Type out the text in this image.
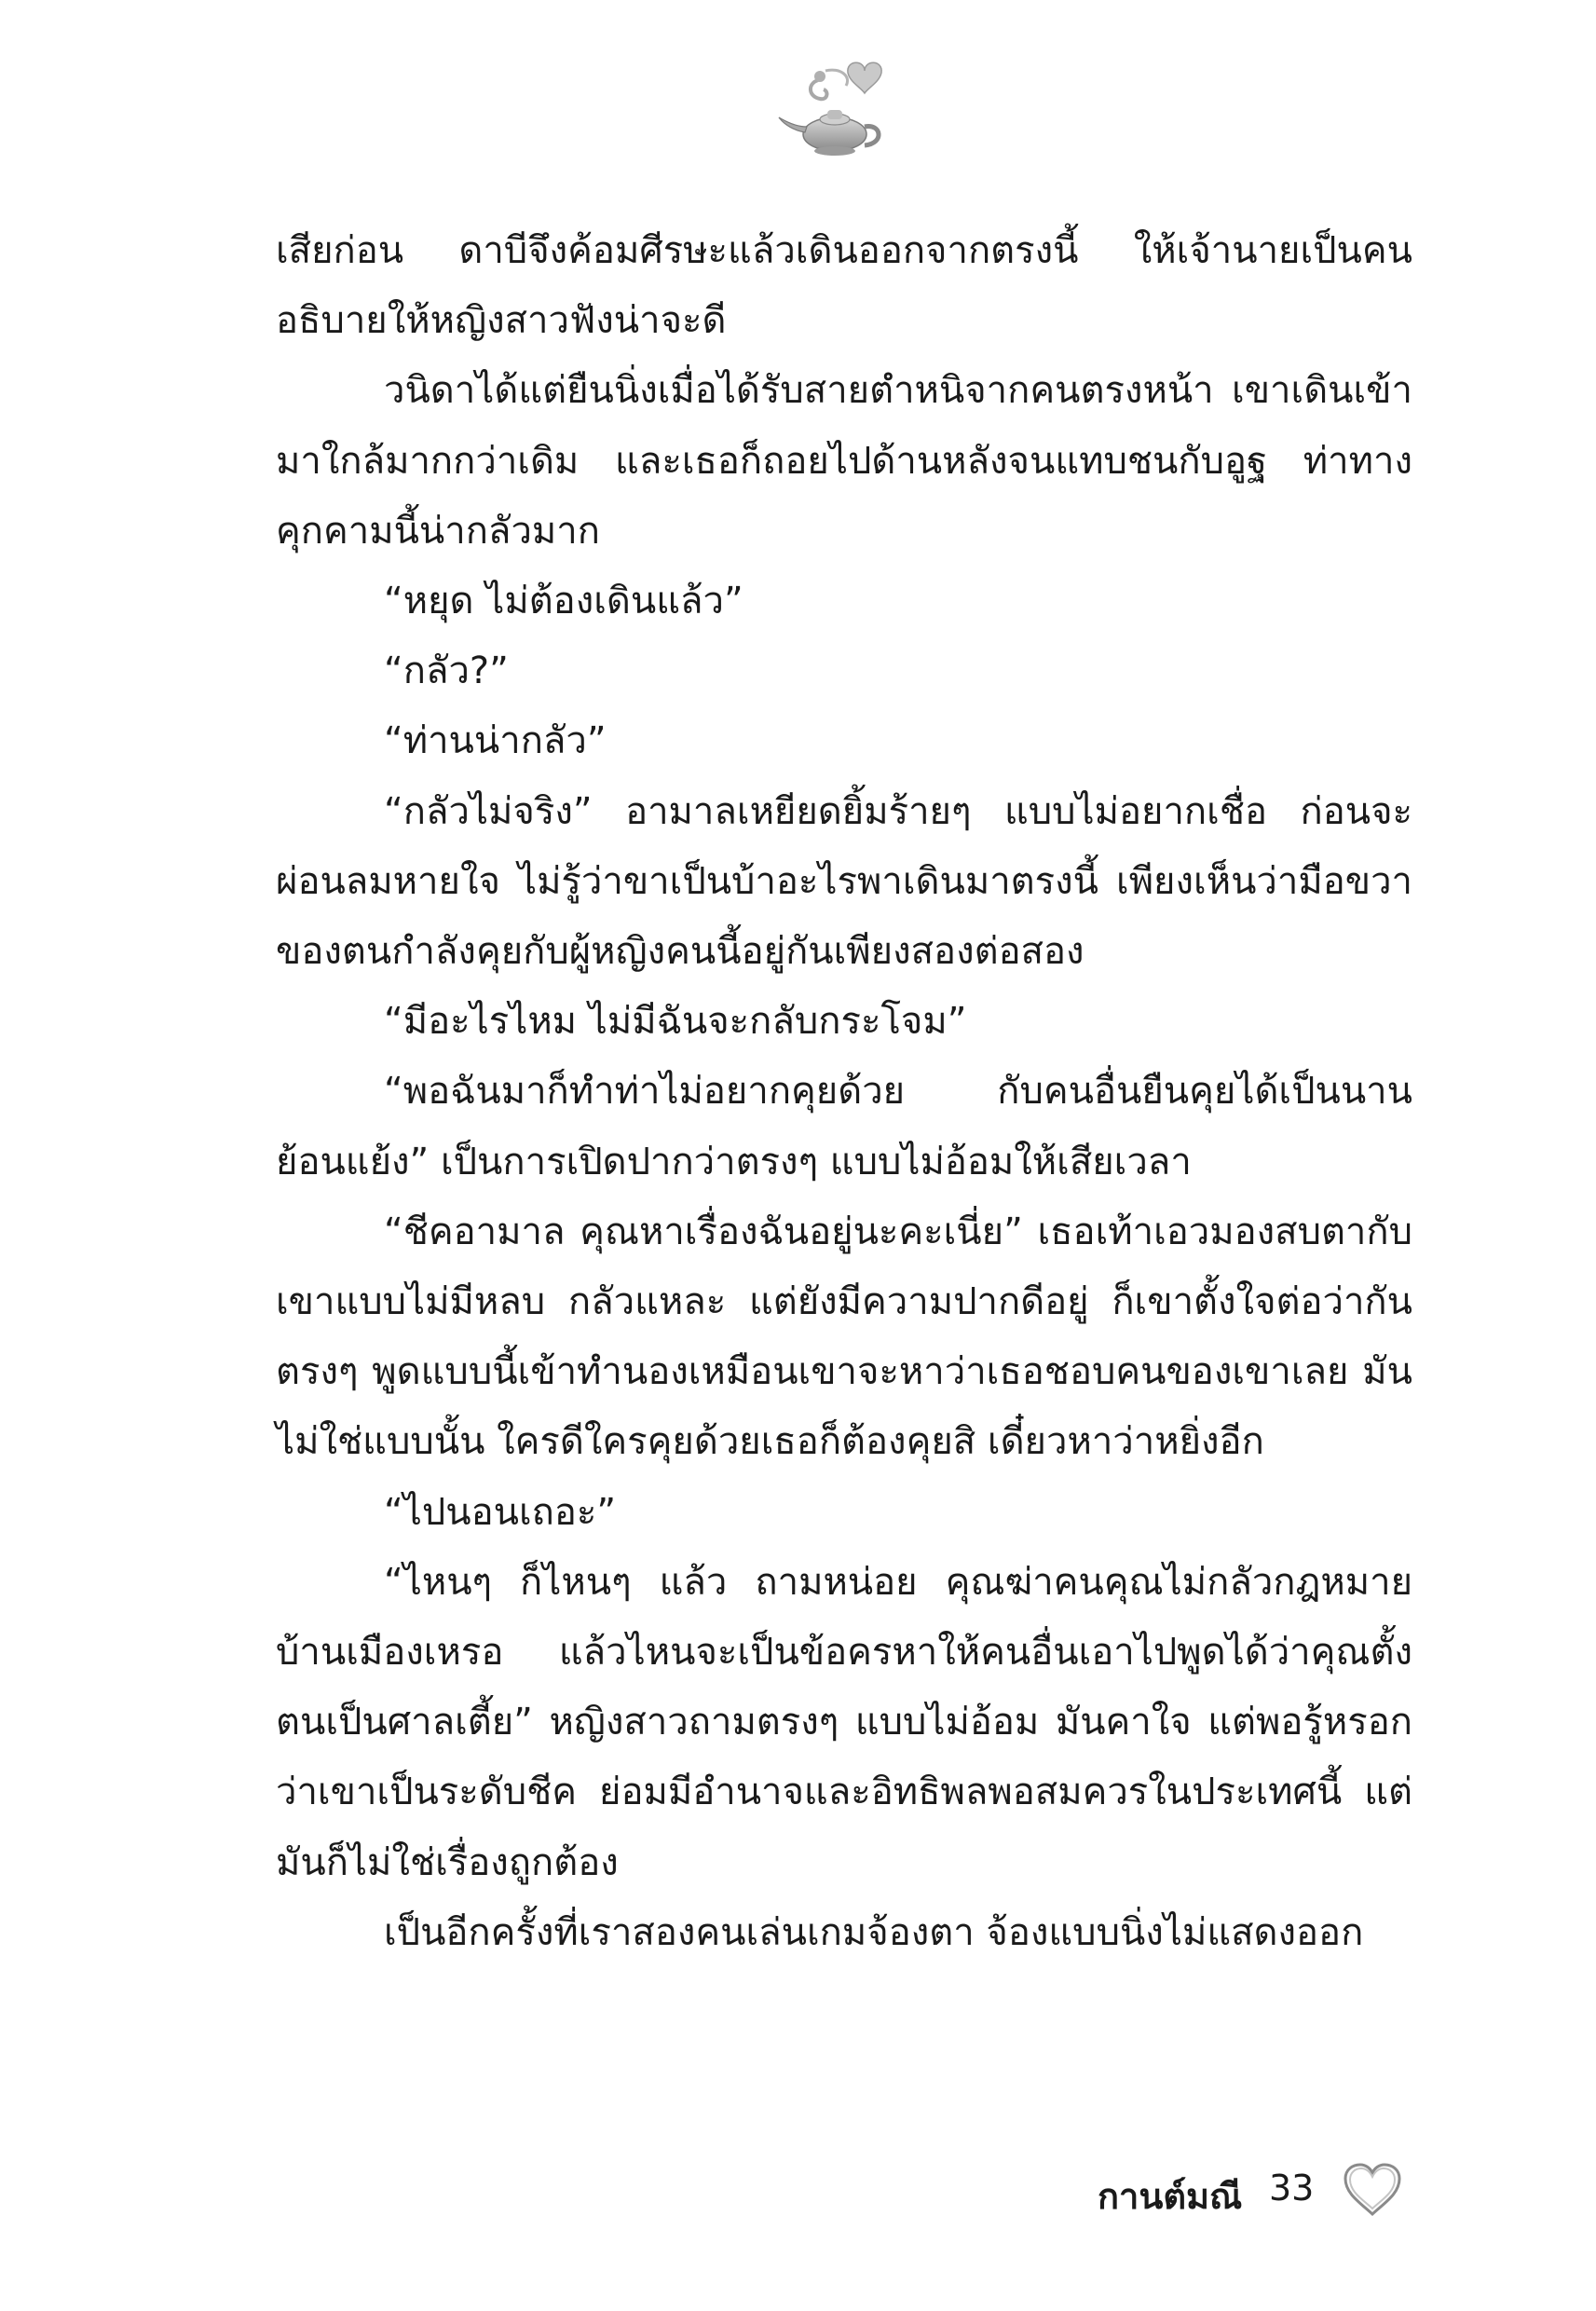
เสียก่อน ดาบีจึงค้อมศีรษะแล้วเดินออกจากตรงนี้ ให้เจ้านายเป็นคนอธิบายให้หญิงสาวฟังน่าจะดี

วนิดาได้แต่ยืนนิ่งเมื่อได้รับสายตำหนิจากคนตรงหน้า เขาเดินเข้ามาใกล้มากกว่าเดิม และเธอก็ถอยไปด้านหลังจนแทบชนกับอูฐ ท่าทางคุกคามนี้น่ากลัวมาก

“หยุด ไม่ต้องเดินแล้ว”

“กลัว?”

“ท่านน่ากลัว”

“กลัวไม่จริง” อามาลเหยียดยิ้มร้ายๆ แบบไม่อยากเชื่อ ก่อนจะผ่อนลมหายใจ ไม่รู้ว่าขาเป็นบ้าอะไรพาเดินมาตรงนี้ เพียงเห็นว่ามือขวาของตนกำลังคุยกับผู้หญิงคนนี้อยู่กันเพียงสองต่อสอง

“มีอะไรไหม ไม่มีฉันจะกลับกระโจม”

“พอฉันมาก็ทำท่าไม่อยากคุยด้วย กับคนอื่นยืนคุยได้เป็นนาน ย้อนแย้ง” เป็นการเปิดปากว่าตรงๆ แบบไม่อ้อมให้เสียเวลา

“ชีคอามาล คุณหาเรื่องฉันอยู่นะคะเนี่ย” เธอเท้าเอวมองสบตากับเขาแบบไม่มีหลบ กลัวแหละ แต่ยังมีความปากดีอยู่ ก็เขาตั้งใจต่อว่ากันตรงๆ พูดแบบนี้เข้าทำนองเหมือนเขาจะหาว่าเธอชอบคนของเขาเลย มันไม่ใช่แบบนั้น ใครดีใครคุยด้วยเธอก็ต้องคุยสิ เดี๋ยวหาว่าหยิ่งอีก

“ไปนอนเถอะ”

“ไหนๆ ก็ไหนๆ แล้ว ถามหน่อย คุณฆ่าคนคุณไม่กลัวกฎหมายบ้านเมืองเหรอ แล้วไหนจะเป็นข้อครหาให้คนอื่นเอาไปพูดได้ว่าคุณตั้งตนเป็นศาลเตี้ย” หญิงสาวถามตรงๆ แบบไม่อ้อม มันคาใจ แต่พอรู้หรอกว่าเขาเป็นระดับชีค ย่อมมีอำนาจและอิทธิพลพอสมควรในประเทศนี้ แต่มันก็ไม่ใช่เรื่องถูกต้อง

เป็นอีกครั้งที่เราสองคนเล่นเกมจ้องตา จ้องแบบนิ่งไม่แสดงออก

กานต์มณี 33
